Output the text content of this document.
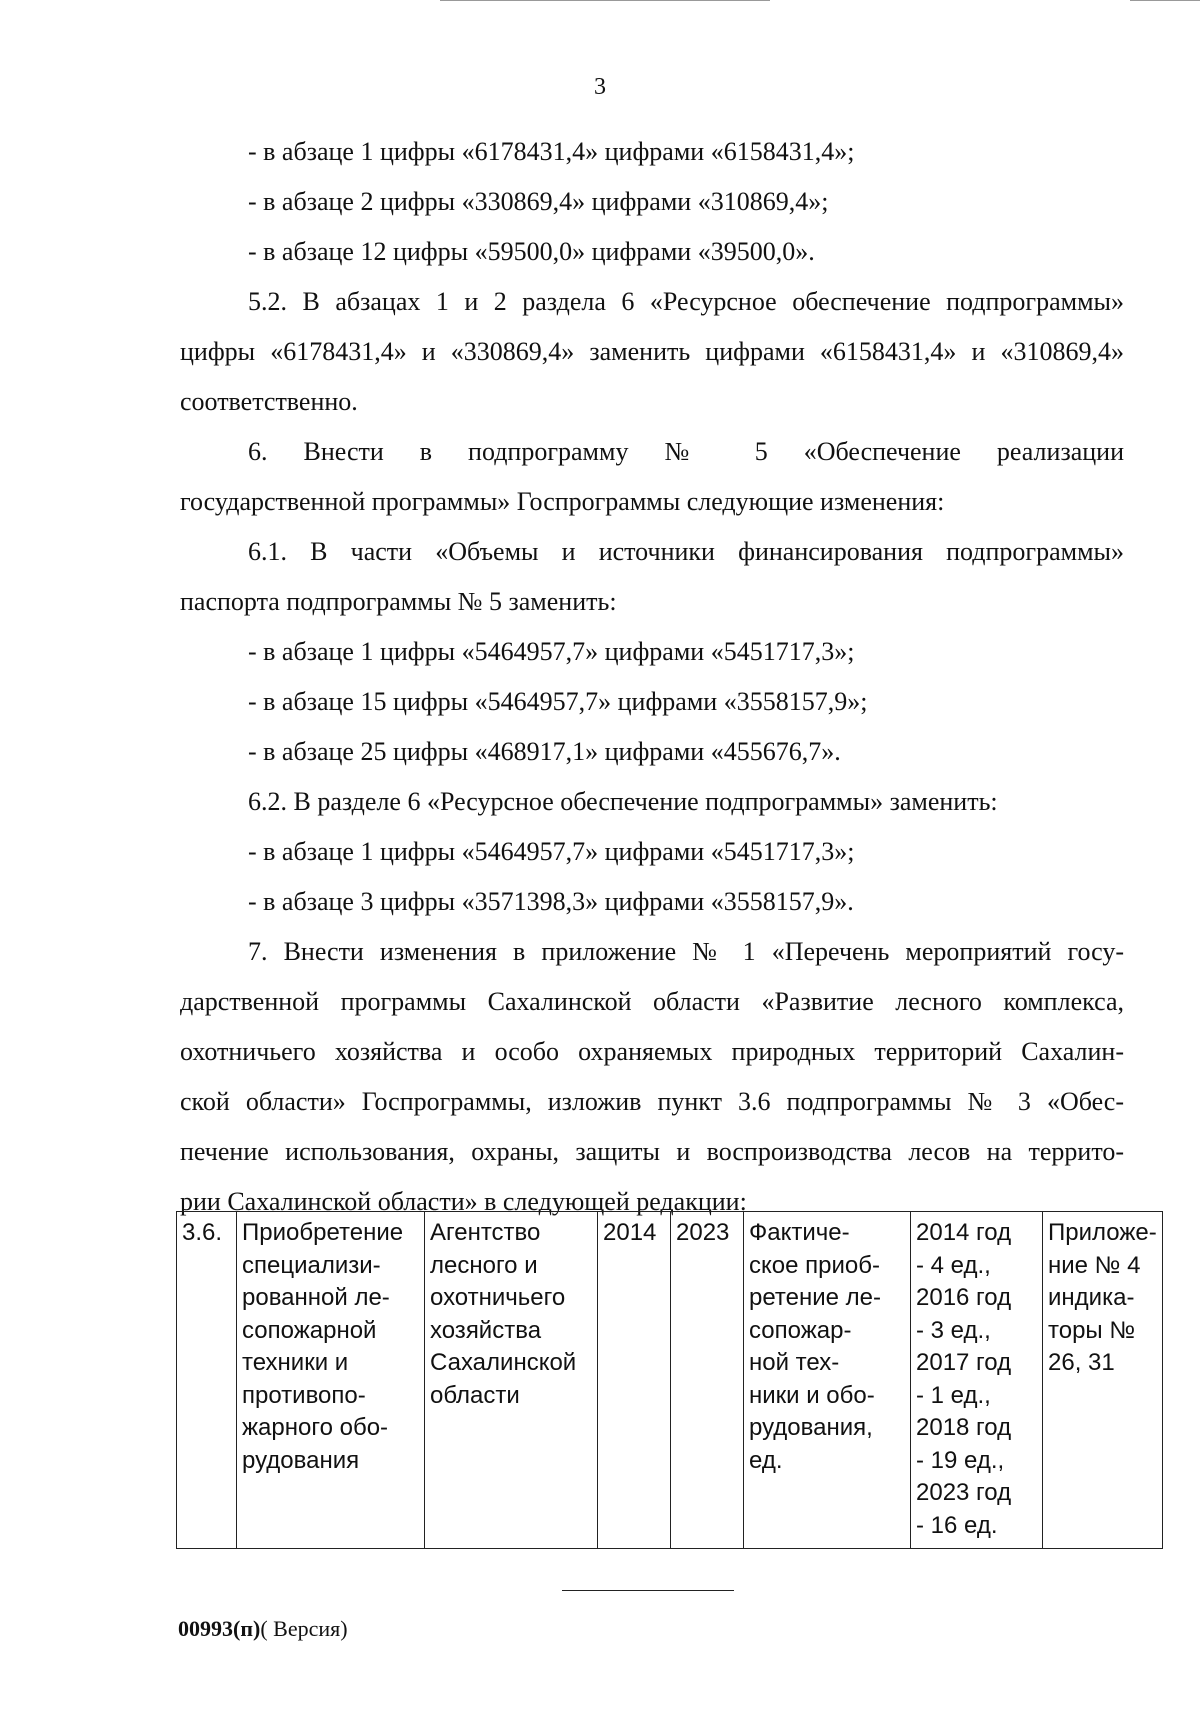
3
- в абзаце 1 цифры «6178431,4» цифрами «6158431,4»;
- в абзаце 2 цифры «330869,4» цифрами «310869,4»;
- в абзаце 12 цифры «59500,0» цифрами «39500,0».
5.2. В абзацах 1 и 2 раздела 6 «Ресурсное обеспечение подпрограммы»
цифры «6178431,4» и «330869,4» заменить цифрами «6158431,4» и «310869,4»
соответственно.
6. Внести в подпрограмму № 5 «Обеспечение реализации
государственной программы» Госпрограммы следующие изменения:
6.1. В части «Объемы и источники финансирования подпрограммы»
паспорта подпрограммы № 5 заменить:
- в абзаце 1 цифры «5464957,7» цифрами «5451717,3»;
- в абзаце 15 цифры «5464957,7» цифрами «3558157,9»;
- в абзаце 25 цифры «468917,1» цифрами «455676,7».
6.2. В разделе 6 «Ресурсное обеспечение подпрограммы» заменить:
- в абзаце 1 цифры «5464957,7» цифрами «5451717,3»;
- в абзаце 3 цифры «3571398,3» цифрами «3558157,9».
7. Внести изменения в приложение № 1 «Перечень мероприятий госу-
дарственной программы Сахалинской области «Развитие лесного комплекса,
охотничьего хозяйства и особо охраняемых природных территорий Сахалин-
ской области» Госпрограммы, изложив пункт 3.6 подпрограммы № 3 «Обес-
печение использования, охраны, защиты и воспроизводства лесов на террито-
рии Сахалинской области» в следующей редакции:
3.6.	Приобретение
специализи-
рованной ле-
сопожарной
техники и
противопо-
жарного обо-
рудования	Агентство
лесного и
охотничьего
хозяйства
Сахалинской
области	2014	2023	Фактиче-
ское приоб-
ретение ле-
сопожар-
ной тех-
ники и обо-
рудования,
ед.	2014 год
- 4 ед.,
2016 год
- 3 ед.,
2017 год
- 1 ед.,
2018 год
- 19 ед.,
2023 год
- 16 ед.	Приложе-
ние № 4
индика-
торы №
26, 31
00993(п)( Версия)
